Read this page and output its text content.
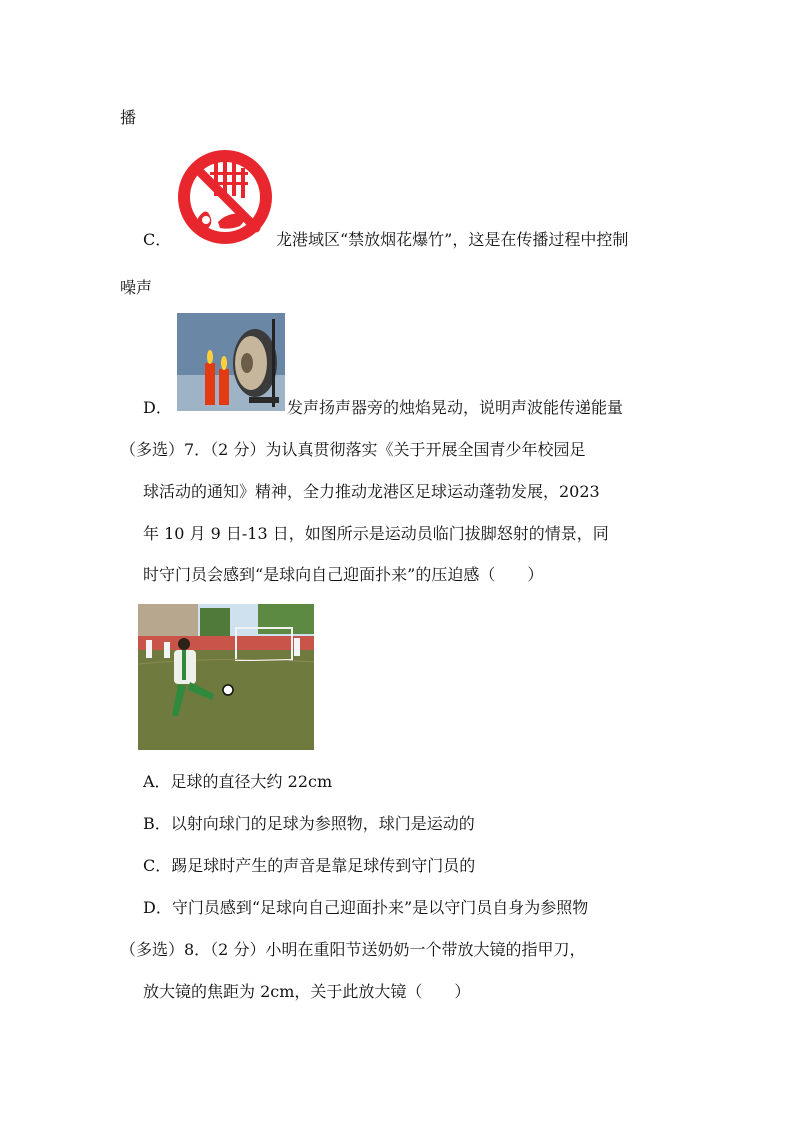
播
C．	龙港域区“禁放烟花爆竹”，这是在传播过程中控制
噪声
D．	发声扬声器旁的烛焰晃动，说明声波能传递能量
（多选）7．（2 分）为认真贯彻落实《关于开展全国青少年校园足
球活动的通知》精神，全力推动龙港区足球运动蓬勃发展，2023
年 10 月 9 日-13 日，如图所示是运动员临门拔脚怒射的情景，同
时守门员会感到“是球向自己迎面扑来”的压迫感（　　）
A．足球的直径大约 22cm
B．以射向球门的足球为参照物，球门是运动的
C．踢足球时产生的声音是靠足球传到守门员的
D．守门员感到“足球向自己迎面扑来”是以守门员自身为参照物
（多选）8．（2 分）小明在重阳节送奶奶一个带放大镜的指甲刀，
放大镜的焦距为 2cm，关于此放大镜（　　）
